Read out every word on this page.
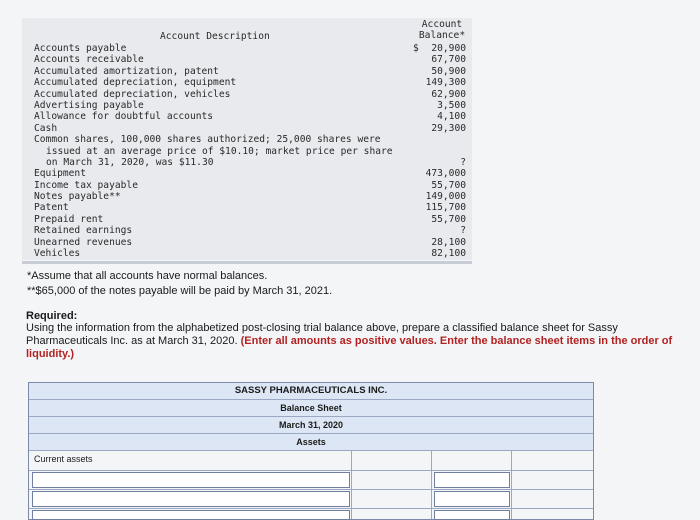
Account Description
Account
Balance*
$
Accounts payable
Accounts receivable
Accumulated amortization, patent
Accumulated depreciation, equipment
Accumulated depreciation, vehicles
Advertising payable
Allowance for doubtful accounts
Cash
Common shares, 100,000 shares authorized; 25,000 shares were
issued at an average price of $10.10; market price per share
on March 31, 2020, was $11.30
Equipment
Income tax payable
Notes payable**
Patent
Prepaid rent
Retained earnings
Unearned revenues
Vehicles
20,900
67,700
50,900
149,300
62,900
3,500
4,100
29,300
?
473,000
55,700
149,000
115,700
55,700
?
28,100
82,100
*Assume that all accounts have normal balances.
**$65,000 of the notes payable will be paid by March 31, 2021.
Required:
Using the information from the alphabetized post-closing trial balance above, prepare a classified balance sheet for Sassy Pharmaceuticals Inc. as at March 31, 2020. (Enter all amounts as positive values. Enter the balance sheet items in the order of liquidity.)
SASSY PHARMACEUTICALS INC.
Balance Sheet
March 31, 2020
Assets
Current assets
